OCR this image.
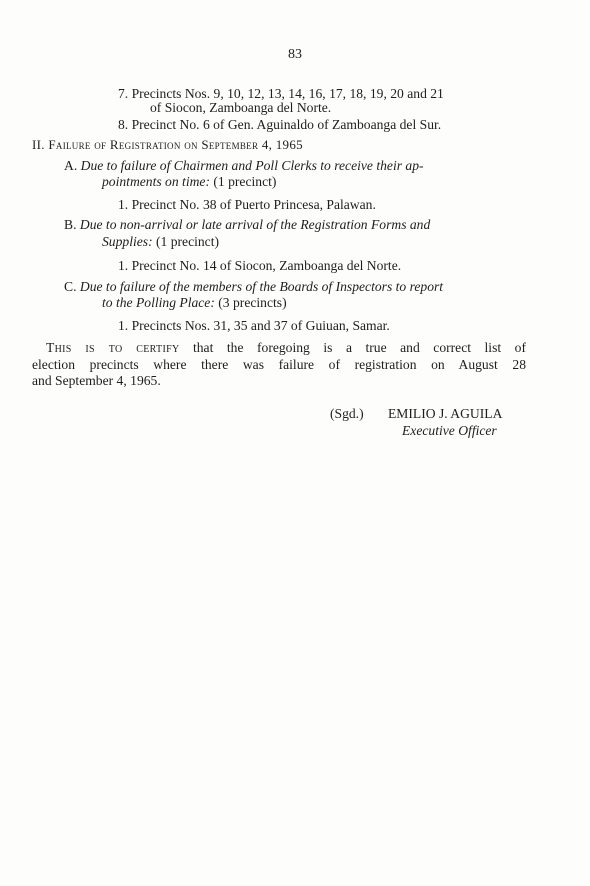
83
7. Precincts Nos. 9, 10, 12, 13, 14, 16, 17, 18, 19, 20 and 21
of Siocon, Zamboanga del Norte.
8. Precinct No. 6 of Gen. Aguinaldo of Zamboanga del Sur.
II. Failure of Registration on September 4, 1965
A. Due to failure of Chairmen and Poll Clerks to receive their ap-
pointments on time: (1 precinct)
1. Precinct No. 38 of Puerto Princesa, Palawan.
B. Due to non-arrival or late arrival of the Registration Forms and
Supplies: (1 precinct)
1. Precinct No. 14 of Siocon, Zamboanga del Norte.
C. Due to failure of the members of the Boards of Inspectors to report
to the Polling Place: (3 precincts)
1. Precincts Nos. 31, 35 and 37 of Guiuan, Samar.
This is to certify that the foregoing is a true and correct list of
election precincts where there was failure of registration on August 28
and September 4, 1965.
(Sgd.) EMILIO J. AGUILA
Executive Officer
